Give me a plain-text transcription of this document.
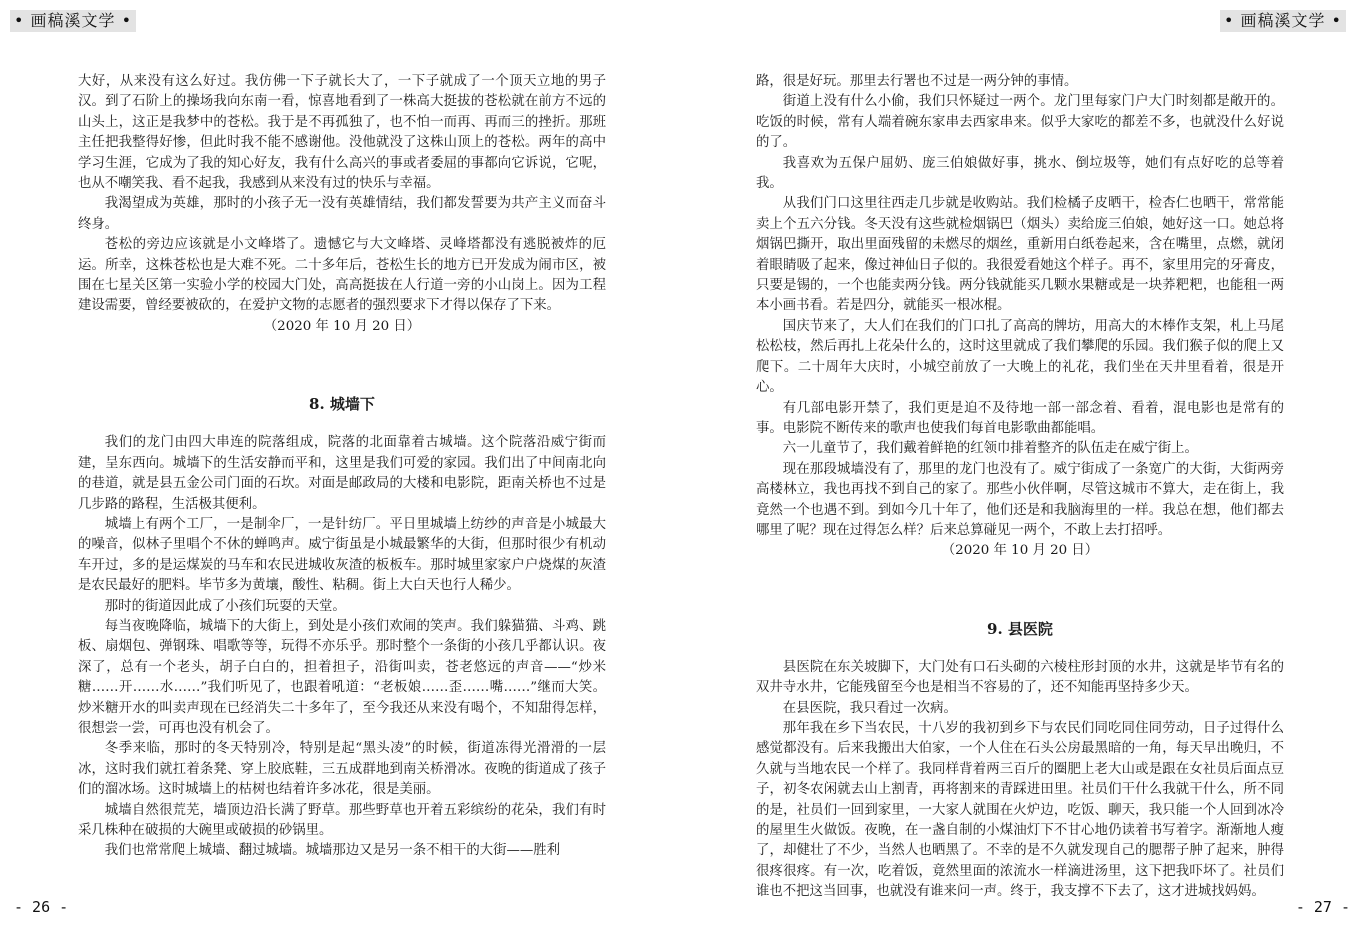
• 画稿溪文学 •	• 画稿溪文学 •

大好，从来没有这么好过。我仿佛一下子就长大了，一下子就成了一个顶天立地的男子汉。到了石阶上的操场我向东南一看，惊喜地看到了一株高大挺拔的苍松就在前方不远的山头上，这正是我梦中的苍松。我于是不再孤独了，也不怕一而再、再而三的挫折。那班主任把我整得好惨，但此时我不能不感谢他。没他就没了这株山顶上的苍松。两年的高中学习生涯，它成为了我的知心好友，我有什么高兴的事或者委屈的事都向它诉说，它呢，也从不嘲笑我、看不起我，我感到从来没有过的快乐与幸福。

我渴望成为英雄，那时的小孩子无一没有英雄情结，我们都发誓要为共产主义而奋斗终身。

苍松的旁边应该就是小文峰塔了。遗憾它与大文峰塔、灵峰塔都没有逃脱被炸的厄运。所幸，这株苍松也是大难不死。二十多年后，苍松生长的地方已开发成为闹市区，被围在七星关区第一实验小学的校园大门处，高高挺拔在人行道一旁的小山岗上。因为工程建设需要，曾经要被砍的，在爱护文物的志愿者的强烈要求下才得以保存了下来。

（2020 年 10 月 20 日）

8. 城墙下

我们的龙门由四大串连的院落组成，院落的北面靠着古城墙。这个院落沿威宁街而建，呈东西向。城墙下的生活安静而平和，这里是我们可爱的家园。我们出了中间南北向的巷道，就是县五金公司门面的石坎。对面是邮政局的大楼和电影院，距南关桥也不过是几步路的路程，生活极其便利。

城墙上有两个工厂，一是制伞厂，一是针纺厂。平日里城墙上纺纱的声音是小城最大的噪音，似林子里唱个不休的蝉鸣声。威宁街虽是小城最繁华的大街，但那时很少有机动车开过，多的是运煤炭的马车和农民进城收灰渣的板板车。那时城里家家户户烧煤的灰渣是农民最好的肥料。毕节多为黄壤，酸性、粘稠。街上大白天也行人稀少。

那时的街道因此成了小孩们玩耍的天堂。

每当夜晚降临，城墙下的大街上，到处是小孩们欢闹的笑声。我们躲猫猫、斗鸡、跳板、扇烟包、弹钢珠、唱歌等等，玩得不亦乐乎。那时整个一条街的小孩几乎都认识。夜深了，总有一个老头，胡子白白的，担着担子，沿街叫卖，苍老悠远的声音——“炒米糖……开……水……”我们听见了，也跟着吼道：“老板娘……歪……嘴……”继而大笑。炒米糖开水的叫卖声现在已经消失二十多年了，至今我还从来没有喝个，不知甜得怎样，很想尝一尝，可再也没有机会了。

冬季来临，那时的冬天特别冷，特别是起“黑头凌”的时候，街道冻得光滑滑的一层冰，这时我们就扛着条凳、穿上胶底鞋，三五成群地到南关桥滑冰。夜晚的街道成了孩子们的溜冰场。这时城墙上的枯树也结着许多冰花，很是美丽。

城墙自然很荒芜，墙顶边沿长满了野草。那些野草也开着五彩缤纷的花朵，我们有时采几株种在破损的大碗里或破损的砂锅里。

我们也常常爬上城墙、翻过城墙。城墙那边又是另一条不相干的大街——胜利

路，很是好玩。那里去行署也不过是一两分钟的事情。

街道上没有什么小偷，我们只怀疑过一两个。龙门里每家门户大门时刻都是敞开的。吃饭的时候，常有人端着碗东家串去西家串来。似乎大家吃的都差不多，也就没什么好说的了。

我喜欢为五保户屈奶、庞三伯娘做好事，挑水、倒垃圾等，她们有点好吃的总等着我。

从我们门口这里往西走几步就是收购站。我们检橘子皮晒干，检杏仁也晒干，常常能卖上个五六分钱。冬天没有这些就检烟锅巴（烟头）卖给庞三伯娘，她好这一口。她总将烟锅巴撕开，取出里面残留的未燃尽的烟丝，重新用白纸卷起来，含在嘴里，点燃，就闭着眼睛吸了起来，像过神仙日子似的。我很爱看她这个样子。再不，家里用完的牙膏皮，只要是锡的，一个也能卖两分钱。两分钱就能买几颗水果糖或是一块荞粑粑，也能租一两本小画书看。若是四分，就能买一根冰棍。

国庆节来了，大人们在我们的门口扎了高高的牌坊，用高大的木棒作支架，札上马尾松松枝，然后再扎上花朵什么的，这时这里就成了我们攀爬的乐园。我们猴子似的爬上又爬下。二十周年大庆时，小城空前放了一大晚上的礼花，我们坐在天井里看着，很是开心。

有几部电影开禁了，我们更是迫不及待地一部一部念着、看着，混电影也是常有的事。电影院不断传来的歌声也使我们每首电影歌曲都能唱。

六一儿童节了，我们戴着鲜艳的红领巾排着整齐的队伍走在威宁街上。

现在那段城墙没有了，那里的龙门也没有了。威宁街成了一条宽广的大街，大街两旁高楼林立，我也再找不到自己的家了。那些小伙伴啊，尽管这城市不算大，走在街上，我竟然一个也遇不到。到如今几十年了，他们还是和我脑海里的一样。我总在想，他们都去哪里了呢？现在过得怎么样？后来总算碰见一两个，不敢上去打招呼。

（2020 年 10 月 20 日）

9. 县医院

县医院在东关坡脚下，大门处有口石头砌的六棱柱形封顶的水井，这就是毕节有名的双井寺水井，它能残留至今也是相当不容易的了，还不知能再坚持多少天。

在县医院，我只看过一次病。

那年我在乡下当农民，十八岁的我初到乡下与农民们同吃同住同劳动，日子过得什么感觉都没有。后来我搬出大伯家，一个人住在石头公房最黑暗的一角，每天早出晚归，不久就与当地农民一个样了。我同样背着两三百斤的圈肥上老大山或是跟在女社员后面点豆子，初冬农闲就去山上割青，再将割来的青踩进田里。社员们干什么我就干什么，所不同的是，社员们一回到家里，一大家人就围在火炉边，吃饭、聊天，我只能一个人回到冰冷的屋里生火做饭。夜晚，在一盏自制的小煤油灯下不甘心地仍读着书写着字。渐渐地人瘦了，却健壮了不少，当然人也晒黑了。不幸的是不久就发现自己的腮帮子肿了起来，肿得很疼很疼。有一次，吃着饭，竟然里面的浓流水一样滴进汤里，这下把我吓坏了。社员们谁也不把这当回事，也就没有谁来问一声。终于，我支撑不下去了，这才进城找妈妈。

- 26 -	- 27 -
